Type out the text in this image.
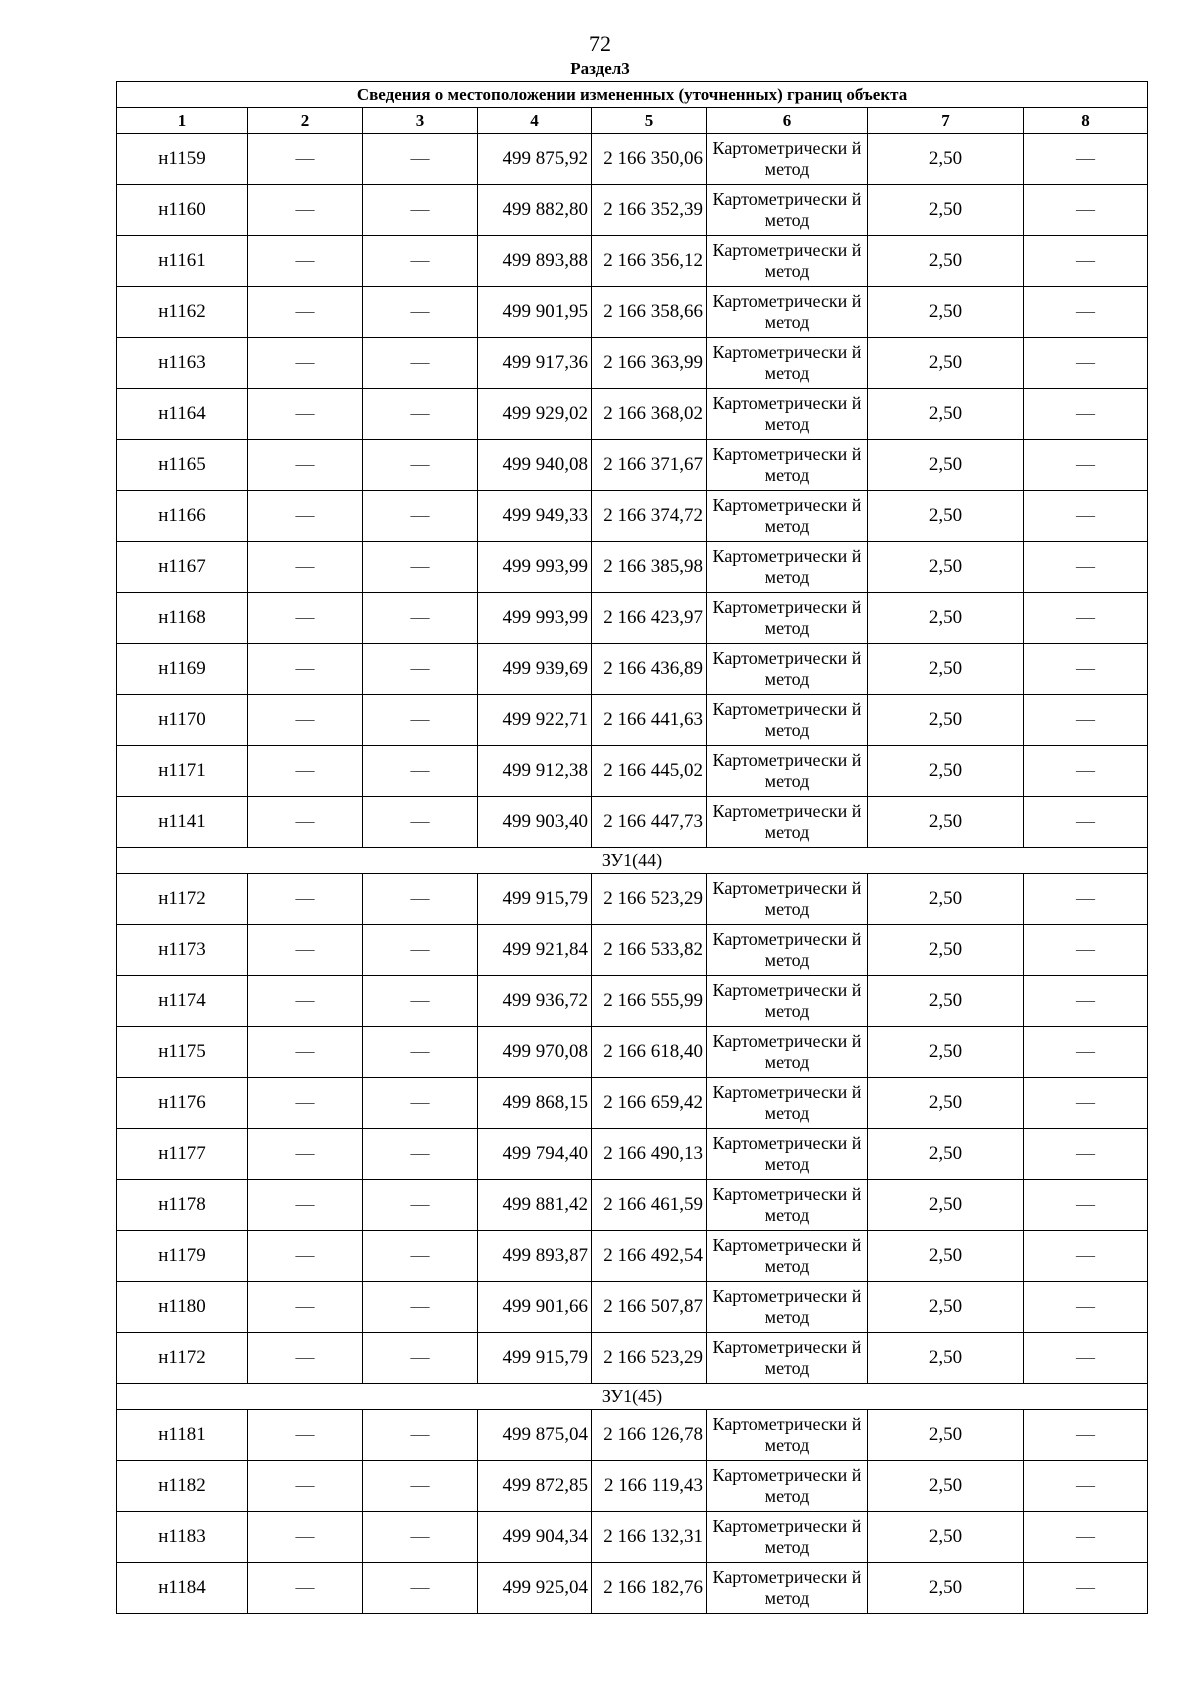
72
Раздел3
Сведения о местоположении измененных (уточненных) границ объекта							
1	2	3	4	5	6	7	8
н1159	—	—	499 875,92	2 166 350,06	Картометрически й метод	2,50	—
н1160	—	—	499 882,80	2 166 352,39	Картометрически й метод	2,50	—
н1161	—	—	499 893,88	2 166 356,12	Картометрически й метод	2,50	—
н1162	—	—	499 901,95	2 166 358,66	Картометрически й метод	2,50	—
н1163	—	—	499 917,36	2 166 363,99	Картометрически й метод	2,50	—
н1164	—	—	499 929,02	2 166 368,02	Картометрически й метод	2,50	—
н1165	—	—	499 940,08	2 166 371,67	Картометрически й метод	2,50	—
н1166	—	—	499 949,33	2 166 374,72	Картометрически й метод	2,50	—
н1167	—	—	499 993,99	2 166 385,98	Картометрически й метод	2,50	—
н1168	—	—	499 993,99	2 166 423,97	Картометрически й метод	2,50	—
н1169	—	—	499 939,69	2 166 436,89	Картометрически й метод	2,50	—
н1170	—	—	499 922,71	2 166 441,63	Картометрически й метод	2,50	—
н1171	—	—	499 912,38	2 166 445,02	Картометрически й метод	2,50	—
н1141	—	—	499 903,40	2 166 447,73	Картометрически й метод	2,50	—
ЗУ1(44)							
н1172	—	—	499 915,79	2 166 523,29	Картометрически й метод	2,50	—
н1173	—	—	499 921,84	2 166 533,82	Картометрически й метод	2,50	—
н1174	—	—	499 936,72	2 166 555,99	Картометрически й метод	2,50	—
н1175	—	—	499 970,08	2 166 618,40	Картометрически й метод	2,50	—
н1176	—	—	499 868,15	2 166 659,42	Картометрически й метод	2,50	—
н1177	—	—	499 794,40	2 166 490,13	Картометрически й метод	2,50	—
н1178	—	—	499 881,42	2 166 461,59	Картометрически й метод	2,50	—
н1179	—	—	499 893,87	2 166 492,54	Картометрически й метод	2,50	—
н1180	—	—	499 901,66	2 166 507,87	Картометрически й метод	2,50	—
н1172	—	—	499 915,79	2 166 523,29	Картометрически й метод	2,50	—
ЗУ1(45)							
н1181	—	—	499 875,04	2 166 126,78	Картометрически й метод	2,50	—
н1182	—	—	499 872,85	2 166 119,43	Картометрически й метод	2,50	—
н1183	—	—	499 904,34	2 166 132,31	Картометрически й метод	2,50	—
н1184	—	—	499 925,04	2 166 182,76	Картометрически й метод	2,50	—
